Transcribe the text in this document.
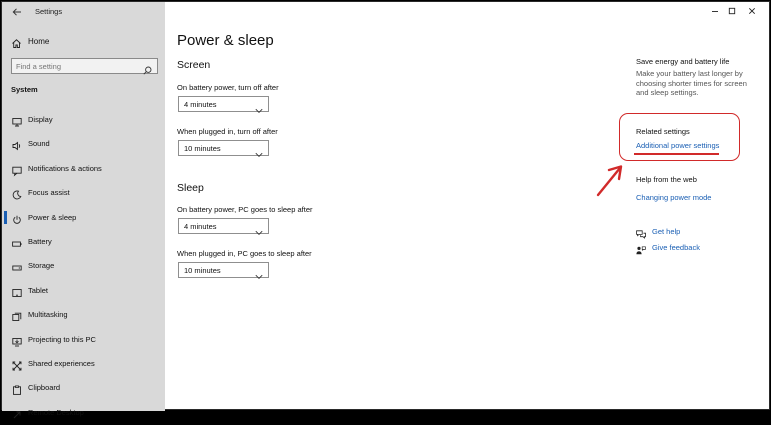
Settings
Home
Find a setting
System
Display
Sound
Notifications & actions
Focus assist
Power & sleep
Battery
Storage
Tablet
Multitasking
Projecting to this PC
Shared experiences
Clipboard
Remote Desktop
Power & sleep
Screen
On battery power, turn off after
4 minutes
When plugged in, turn off after
10 minutes
Sleep
On battery power, PC goes to sleep after
4 minutes
When plugged in, PC goes to sleep after
10 minutes
Save energy and battery life
Make your battery last longer by choosing shorter times for screen and sleep settings.
Related settings
Additional power settings
Help from the web
Changing power mode
Get help
Give feedback
